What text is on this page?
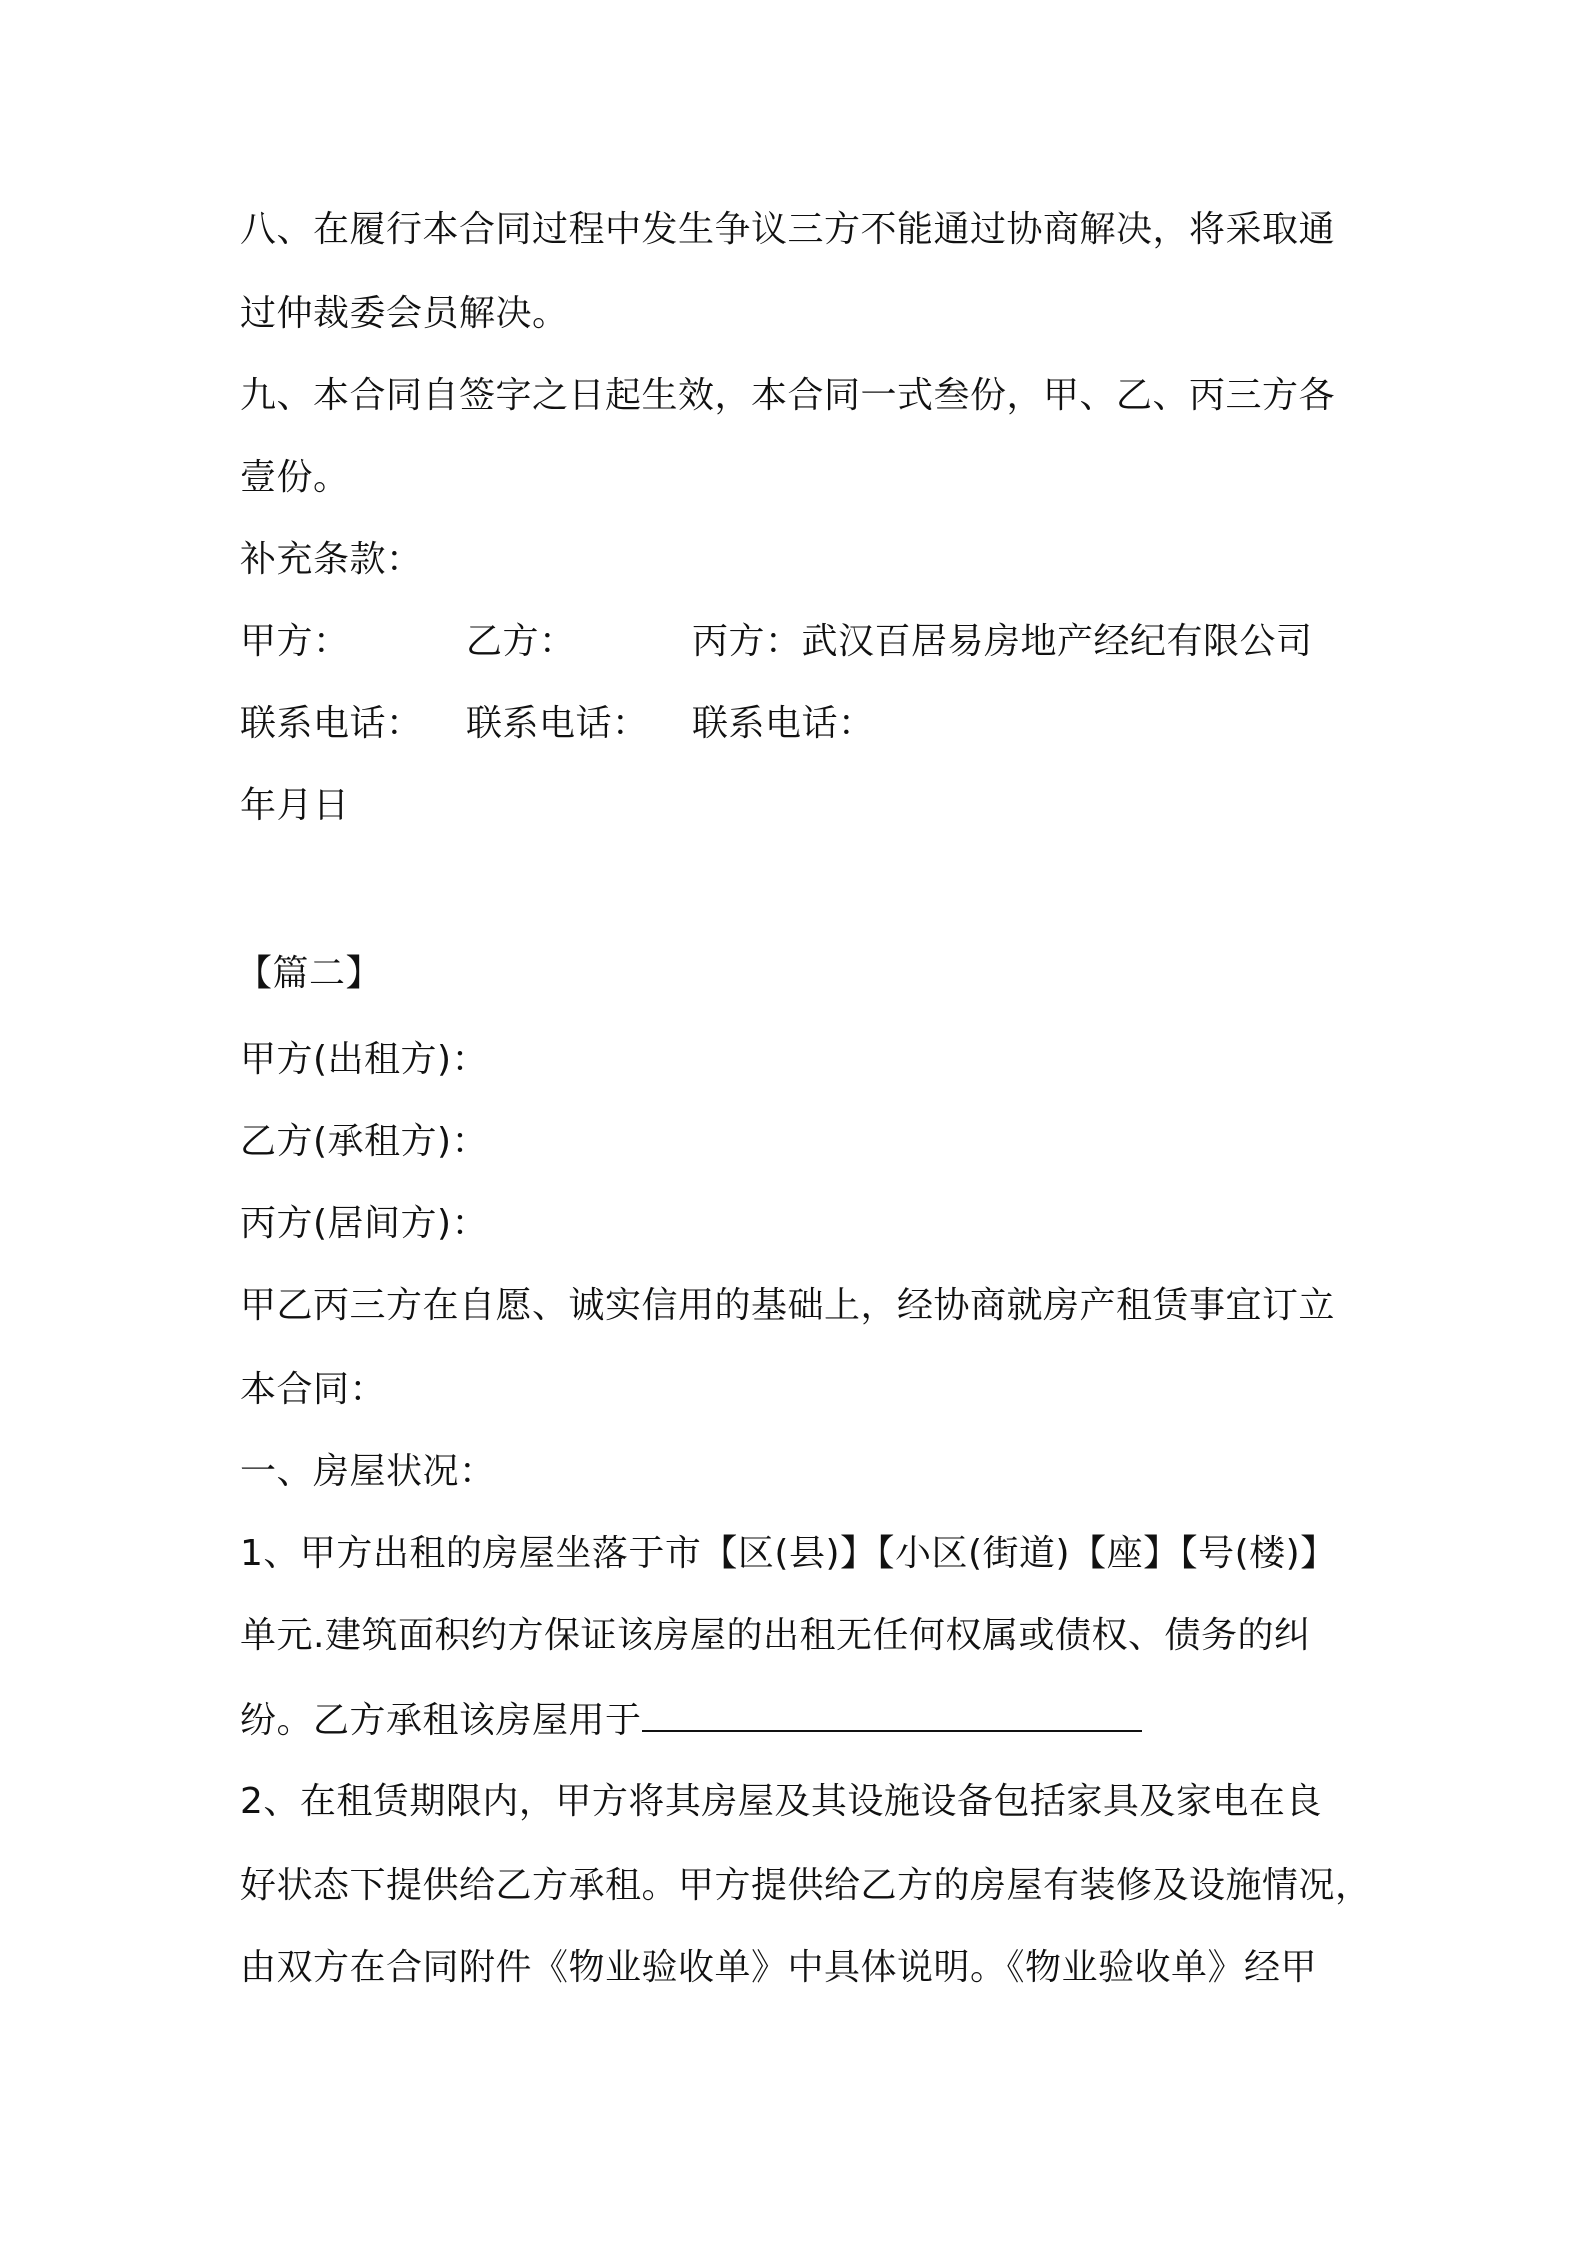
八、在履行本合同过程中发生争议三方不能通过协商解决，将采取通
过仲裁委会员解决。
九、本合同自签字之日起生效，本合同一式叁份，甲、乙、丙三方各
壹份。
补充条款：
甲方：	乙方：	丙方：武汉百居易房地产经纪有限公司
联系电话： 联系电话： 联系电话：
年月日
【篇二】
甲方(出租方)：
乙方(承租方)：
丙方(居间方)：
甲乙丙三方在自愿、诚实信用的基础上，经协商就房产租赁事宜订立
本合同：
一、房屋状况：
1、甲方出租的房屋坐落于市【区(县)】【小区(街道)【座】【号(楼)】
单元.建筑面积约方保证该房屋的出租无任何权属或债权、债务的纠
纷。乙方承租该房屋用于
2、在租赁期限内，甲方将其房屋及其设施设备包括家具及家电在良
好状态下提供给乙方承租。甲方提供给乙方的房屋有装修及设施情况，
由双方在合同附件《物业验收单》中具体说明。《物业验收单》经甲
